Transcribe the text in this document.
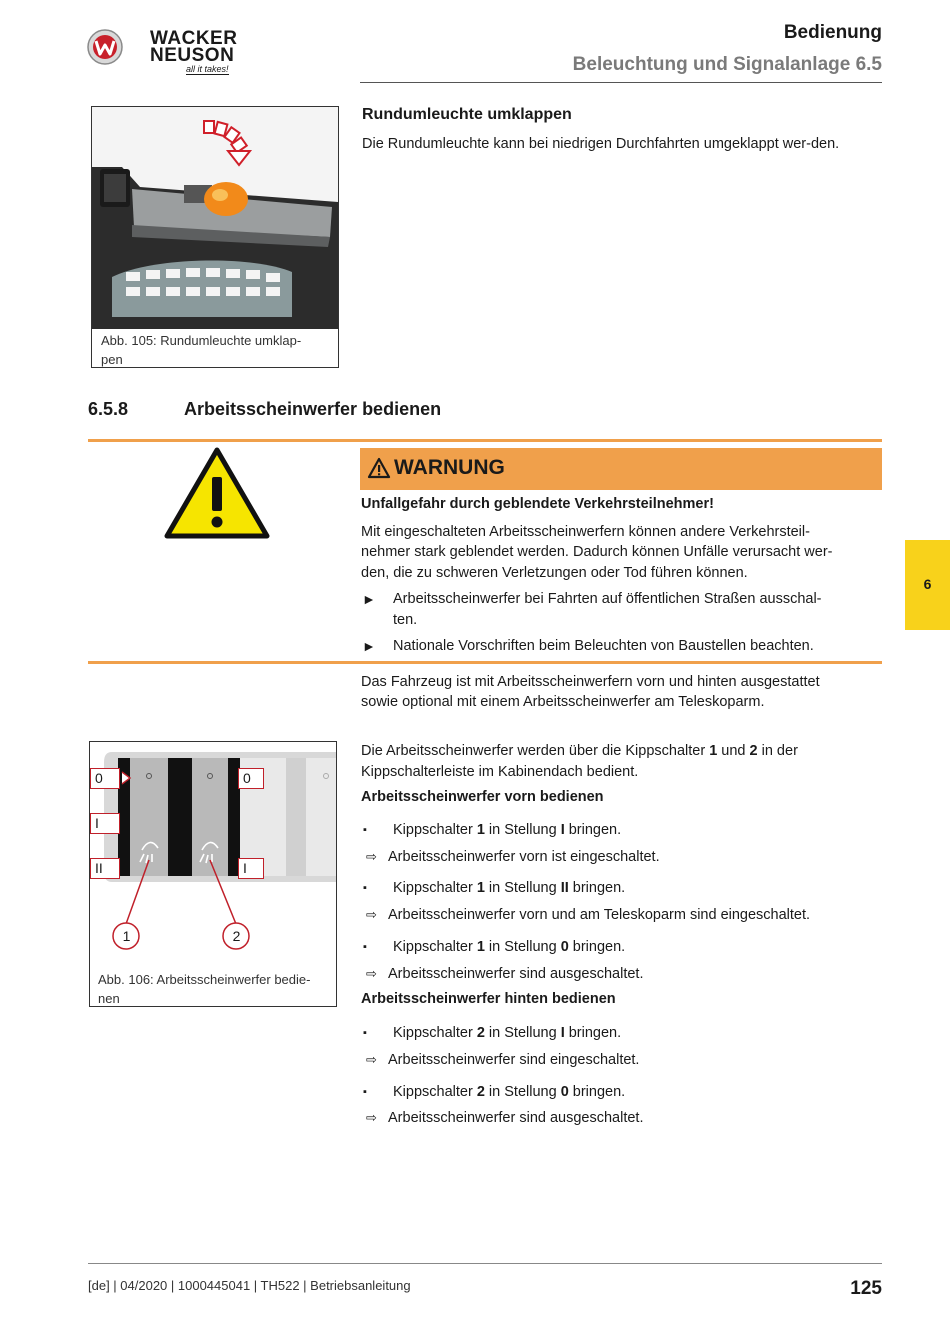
WACKER
NEUSON
all it takes!
Bedienung
Beleuchtung und Signalanlage 6.5
6
Abb. 105: Rundumleuchte umklap-
pen
Rundumleuchte umklappen
Die Rundumleuchte kann bei niedrigen Durchfahrten umgeklappt wer-den.
6.5.8	Arbeitsscheinwerfer bedienen
WARNUNG
Unfallgefahr durch geblendete Verkehrsteilnehmer!
Mit eingeschalteten Arbeitsscheinwerfern können andere Verkehrsteil-
nehmer stark geblendet werden. Dadurch können Unfälle verursacht wer-
den, die zu schweren Verletzungen oder Tod führen können.
► Arbeitsscheinwerfer bei Fahrten auf öffentlichen Straßen ausschal-
ten.
► Nationale Vorschriften beim Beleuchten von Baustellen beachten.
Das Fahrzeug ist mit Arbeitsscheinwerfern vorn und hinten ausgestattet
sowie optional mit einem Arbeitsscheinwerfer am Teleskoparm.
0
I
II
0
I
1	2
Abb. 106: Arbeitsscheinwerfer bedie-
nen
Die Arbeitsscheinwerfer werden über die Kippschalter 1 und 2 in der
Kippschalterleiste im Kabinendach bedient.
Arbeitsscheinwerfer vorn bedienen
▪ Kippschalter 1 in Stellung I bringen.
⇨ Arbeitsscheinwerfer vorn ist eingeschaltet.
▪ Kippschalter 1 in Stellung II bringen.
⇨ Arbeitsscheinwerfer vorn und am Teleskoparm sind eingeschaltet.
▪ Kippschalter 1 in Stellung 0 bringen.
⇨ Arbeitsscheinwerfer sind ausgeschaltet.
Arbeitsscheinwerfer hinten bedienen
▪ Kippschalter 2 in Stellung I bringen.
⇨ Arbeitsscheinwerfer sind eingeschaltet.
▪ Kippschalter 2 in Stellung 0 bringen.
⇨ Arbeitsscheinwerfer sind ausgeschaltet.
[de] | 04/2020 | 1000445041 | TH522 | Betriebsanleitung	125
